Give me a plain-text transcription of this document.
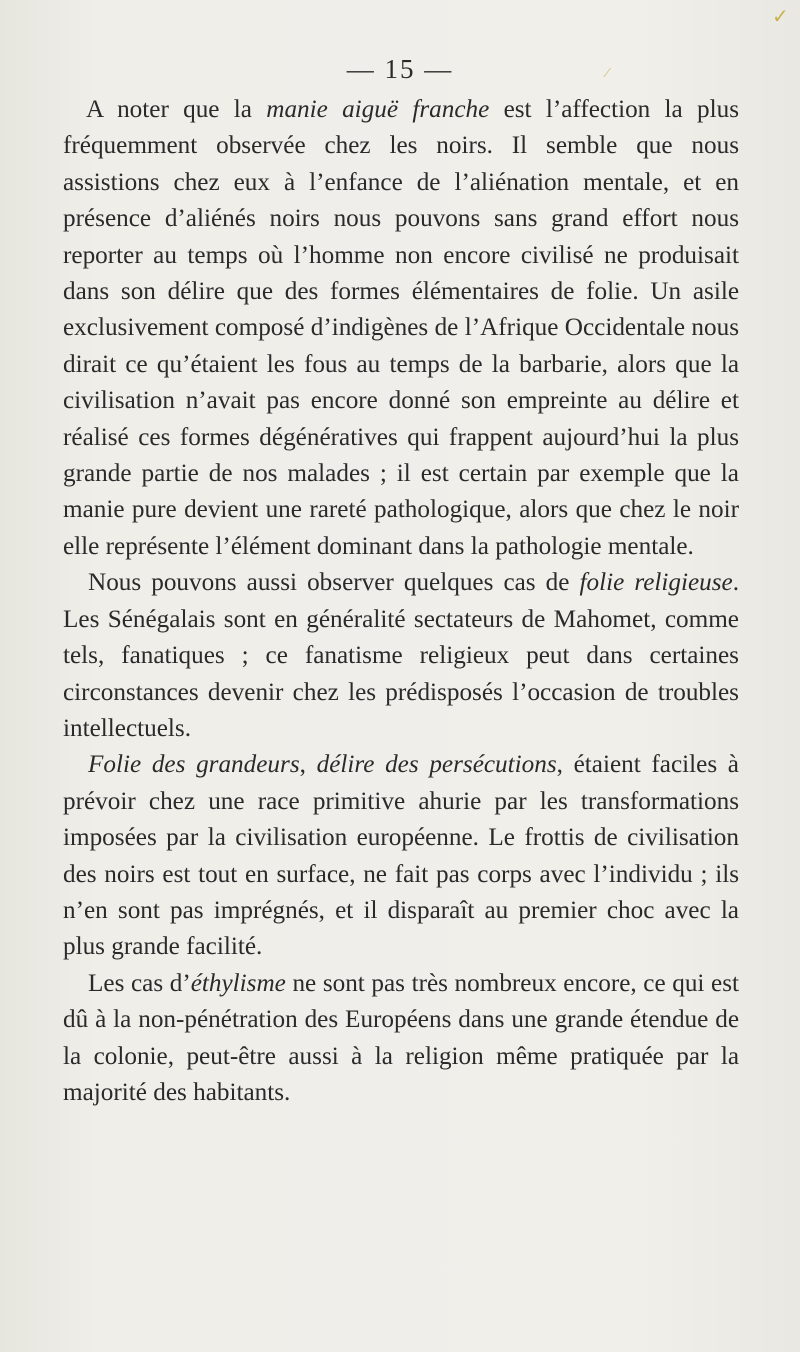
✓
⁄
— 15 —

A noter que la manie aiguë franche est l’affection la plus fréquemment observée chez les noirs. Il semble que nous assistions chez eux à l’enfance de l’aliénation mentale, et en présence d’aliénés noirs nous pouvons sans grand effort nous reporter au temps où l’homme non encore civilisé ne produisait dans son délire que des formes élémentaires de folie. Un asile exclusivement composé d’indigènes de l’Afrique Occidentale nous dirait ce qu’étaient les fous au temps de la barbarie, alors que la civilisation n’avait pas encore donné son empreinte au délire et réalisé ces formes dégénératives qui frappent aujourd’hui la plus grande partie de nos malades ; il est certain par exemple que la manie pure devient une rareté pathologique, alors que chez le noir elle représente l’élément dominant dans la pathologie mentale.

Nous pouvons aussi observer quelques cas de folie religieuse. Les Sénégalais sont en généralité sectateurs de Mahomet, comme tels, fanatiques ; ce fanatisme religieux peut dans certaines circonstances devenir chez les prédisposés l’occasion de troubles intellectuels.

Folie des grandeurs, délire des persécutions, étaient faciles à prévoir chez une race primitive ahurie par les transformations imposées par la civilisation européenne. Le frottis de civilisation des noirs est tout en surface, ne fait pas corps avec l’individu ; ils n’en sont pas imprégnés, et il disparaît au premier choc avec la plus grande facilité.

Les cas d’éthylisme ne sont pas très nombreux encore, ce qui est dû à la non-pénétration des Européens dans une grande étendue de la colonie, peut-être aussi à la religion même pratiquée par la majorité des habitants.
